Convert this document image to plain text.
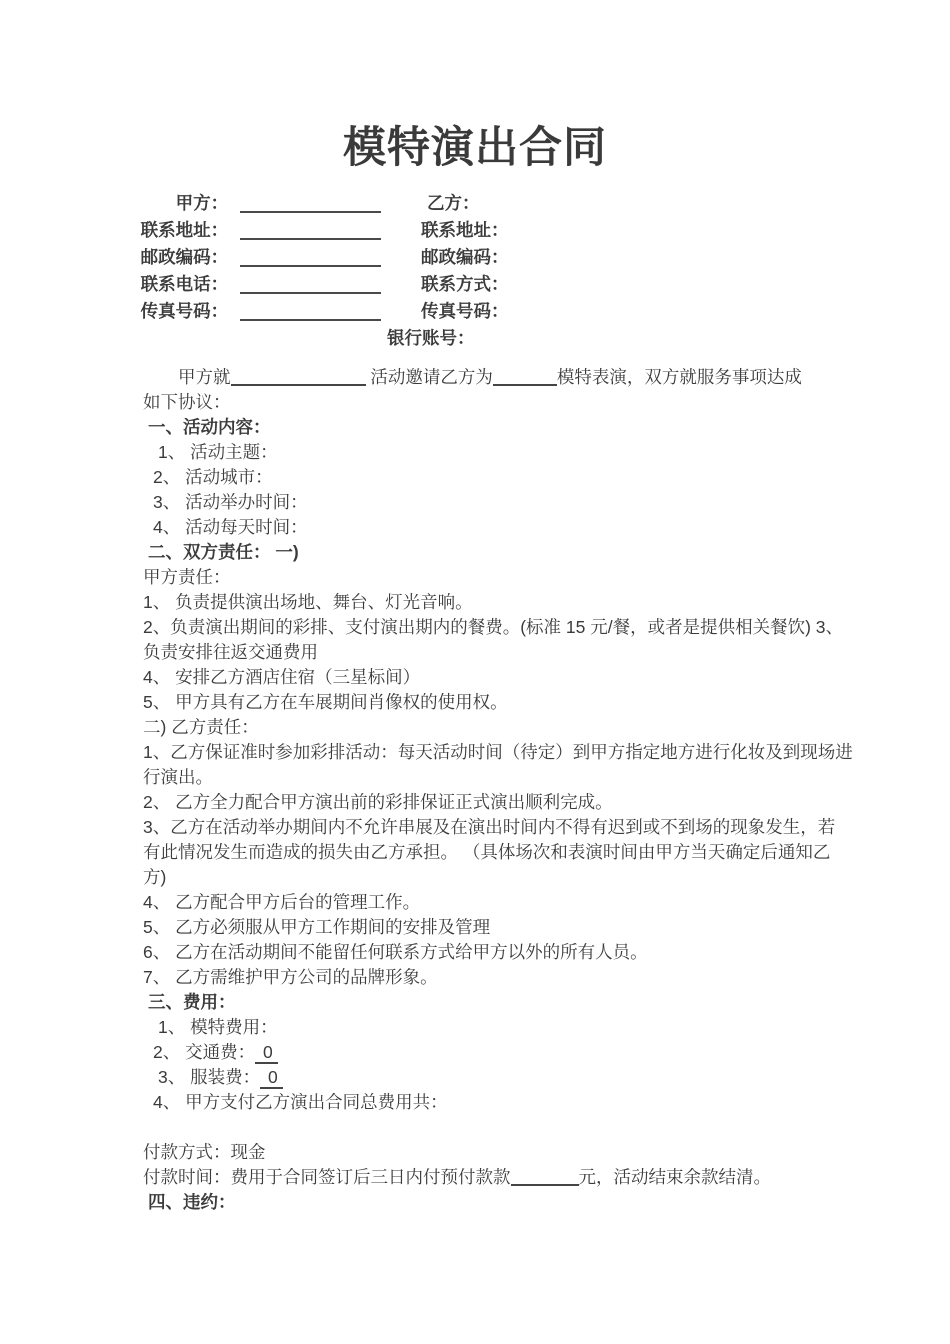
模特演出合同
甲方：	乙方：
联系地址：	联系地址：
邮政编码：	邮政编码：
联系电话：	联系方式：
传真号码：	传真号码：
银行账号：
甲方就	活动邀请乙方为	模特表演，双方就服务事项达成
如下协议：
一、活动内容：
1、 活动主题：
2、 活动城市：
3、 活动举办时间：
4、 活动每天时间：
二、双方责任： 一)
甲方责任：
1、 负责提供演出场地、舞台、灯光音响。
2、负责演出期间的彩排、支付演出期内的餐费。(标准 15 元/餐，或者是提供相关餐饮) 3、
负责安排往返交通费用
4、 安排乙方酒店住宿（三星标间）
5、 甲方具有乙方在车展期间肖像权的使用权。
二) 乙方责任：
1、乙方保证准时参加彩排活动：每天活动时间（待定）到甲方指定地方进行化妆及到现场进
行演出。
2、 乙方全力配合甲方演出前的彩排保证正式演出顺利完成。
3、乙方在活动举办期间内不允许串展及在演出时间内不得有迟到或不到场的现象发生，若
有此情况发生而造成的损失由乙方承担。 （具体场次和表演时间由甲方当天确定后通知乙
方)
4、 乙方配合甲方后台的管理工作。
5、 乙方必须服从甲方工作期间的安排及管理
6、 乙方在活动期间不能留任何联系方式给甲方以外的所有人员。
7、 乙方需维护甲方公司的品牌形象。
三、费用：
1、 模特费用：
2、 交通费： 0
3、 服装费： 0
4、 甲方支付乙方演出合同总费用共：
付款方式：现金
付款时间：费用于合同签订后三日内付预付款款	元，活动结束余款结清。
四、违约：
